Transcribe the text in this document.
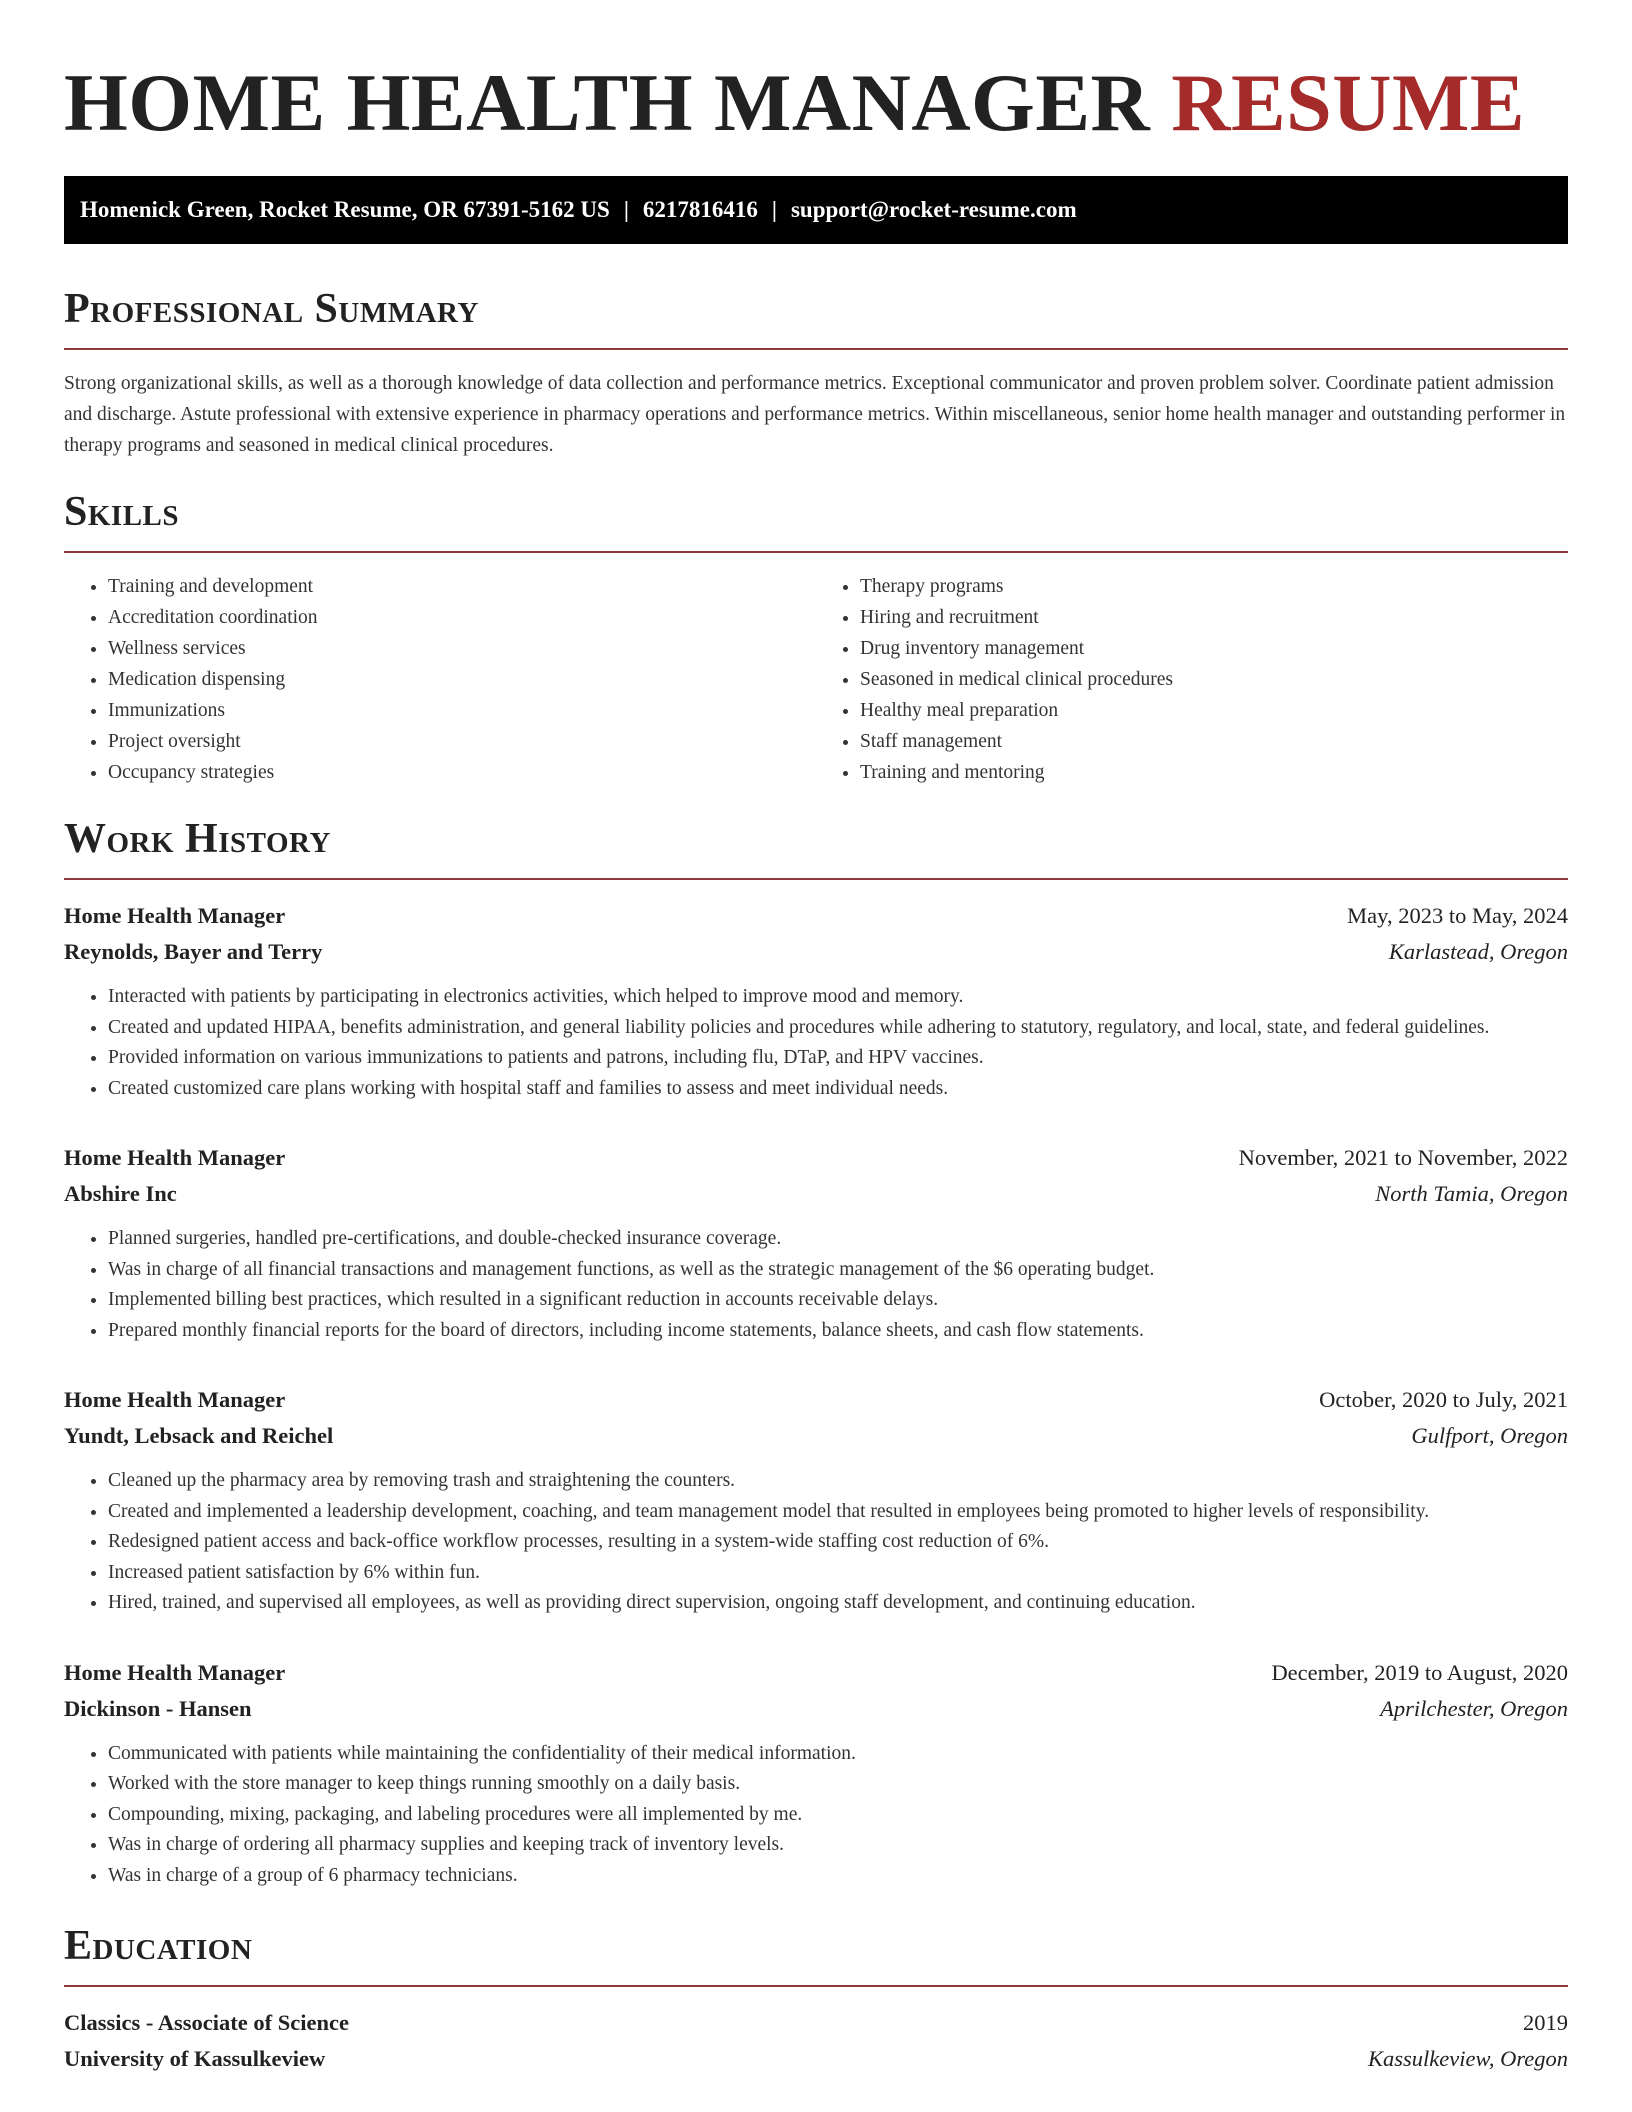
HOME HEALTH MANAGER RESUME
Homenick Green, Rocket Resume, OR 67391-5162 US | 6217816416 | support@rocket-resume.com
Professional Summary

Strong organizational skills, as well as a thorough knowledge of data collection and performance metrics. Exceptional communicator and proven problem solver. Coordinate patient admission and discharge. Astute professional with extensive experience in pharmacy operations and performance metrics. Within miscellaneous, senior home health manager and outstanding performer in therapy programs and seasoned in medical clinical procedures.

Skills
• Training and development
• Accreditation coordination
• Wellness services
• Medication dispensing
• Immunizations
• Project oversight
• Occupancy strategies
• Therapy programs
• Hiring and recruitment
• Drug inventory management
• Seasoned in medical clinical procedures
• Healthy meal preparation
• Staff management
• Training and mentoring
Work History
Home Health Manager	May, 2023 to May, 2024
Reynolds, Bayer and Terry	Karlastead, Oregon
• Interacted with patients by participating in electronics activities, which helped to improve mood and memory.
• Created and updated HIPAA, benefits administration, and general liability policies and procedures while adhering to statutory, regulatory, and local, state, and federal guidelines.
• Provided information on various immunizations to patients and patrons, including flu, DTaP, and HPV vaccines.
• Created customized care plans working with hospital staff and families to assess and meet individual needs.
Home Health Manager	November, 2021 to November, 2022
Abshire Inc	North Tamia, Oregon
• Planned surgeries, handled pre-certifications, and double-checked insurance coverage.
• Was in charge of all financial transactions and management functions, as well as the strategic management of the $6 operating budget.
• Implemented billing best practices, which resulted in a significant reduction in accounts receivable delays.
• Prepared monthly financial reports for the board of directors, including income statements, balance sheets, and cash flow statements.
Home Health Manager	October, 2020 to July, 2021
Yundt, Lebsack and Reichel	Gulfport, Oregon
• Cleaned up the pharmacy area by removing trash and straightening the counters.
• Created and implemented a leadership development, coaching, and team management model that resulted in employees being promoted to higher levels of responsibility.
• Redesigned patient access and back-office workflow processes, resulting in a system-wide staffing cost reduction of 6%.
• Increased patient satisfaction by 6% within fun.
• Hired, trained, and supervised all employees, as well as providing direct supervision, ongoing staff development, and continuing education.
Home Health Manager	December, 2019 to August, 2020
Dickinson - Hansen	Aprilchester, Oregon
• Communicated with patients while maintaining the confidentiality of their medical information.
• Worked with the store manager to keep things running smoothly on a daily basis.
• Compounding, mixing, packaging, and labeling procedures were all implemented by me.
• Was in charge of ordering all pharmacy supplies and keeping track of inventory levels.
• Was in charge of a group of 6 pharmacy technicians.
Education
Classics - Associate of Science	2019
University of Kassulkeview	Kassulkeview, Oregon
